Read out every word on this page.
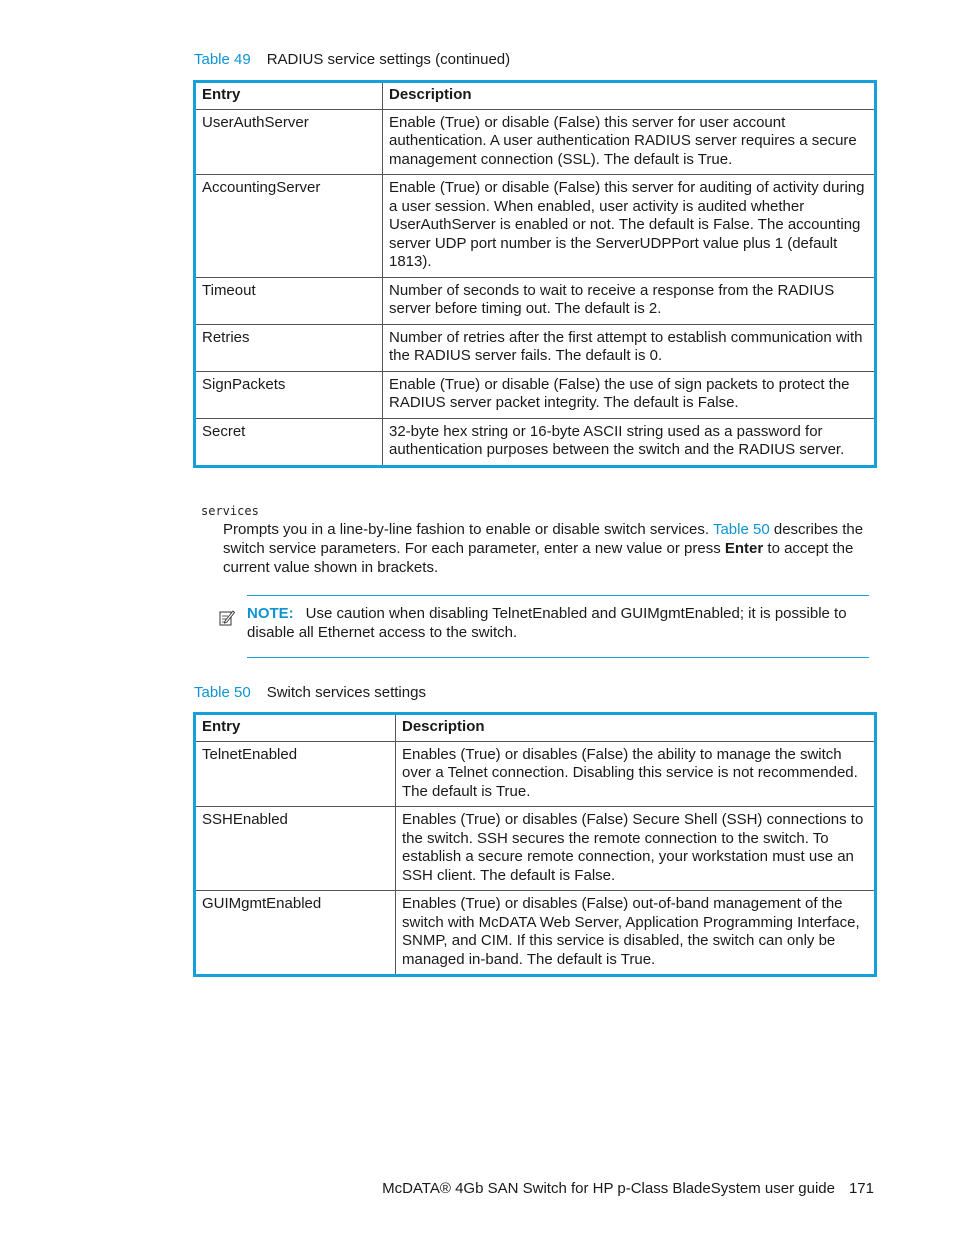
Table 49 RADIUS service settings (continued)
Entry	Description
UserAuthServer	Enable (True) or disable (False) this server for user account authentication. A user authentication RADIUS server requires a secure management connection (SSL). The default is True.
AccountingServer	Enable (True) or disable (False) this server for auditing of activity during a user session. When enabled, user activity is audited whether UserAuthServer is enabled or not. The default is False. The accounting server UDP port number is the ServerUDPPort value plus 1 (default 1813).
Timeout	Number of seconds to wait to receive a response from the RADIUS server before timing out. The default is 2.
Retries	Number of retries after the first attempt to establish communication with the RADIUS server fails. The default is 0.
SignPackets	Enable (True) or disable (False) the use of sign packets to protect the RADIUS server packet integrity. The default is False.
Secret	32-byte hex string or 16-byte ASCII string used as a password for authentication purposes between the switch and the RADIUS server.
services
Prompts you in a line-by-line fashion to enable or disable switch services. Table 50 describes the switch service parameters. For each parameter, enter a new value or press Enter to accept the current value shown in brackets.
NOTE: Use caution when disabling TelnetEnabled and GUIMgmtEnabled; it is possible to disable all Ethernet access to the switch.
Table 50 Switch services settings
Entry	Description
TelnetEnabled	Enables (True) or disables (False) the ability to manage the switch over a Telnet connection. Disabling this service is not recommended. The default is True.
SSHEnabled	Enables (True) or disables (False) Secure Shell (SSH) connections to the switch. SSH secures the remote connection to the switch. To establish a secure remote connection, your workstation must use an SSH client. The default is False.
GUIMgmtEnabled	Enables (True) or disables (False) out-of-band management of the switch with McDATA Web Server, Application Programming Interface, SNMP, and CIM. If this service is disabled, the switch can only be managed in-band. The default is True.
McDATA® 4Gb SAN Switch for HP p-Class BladeSystem user guide 171
